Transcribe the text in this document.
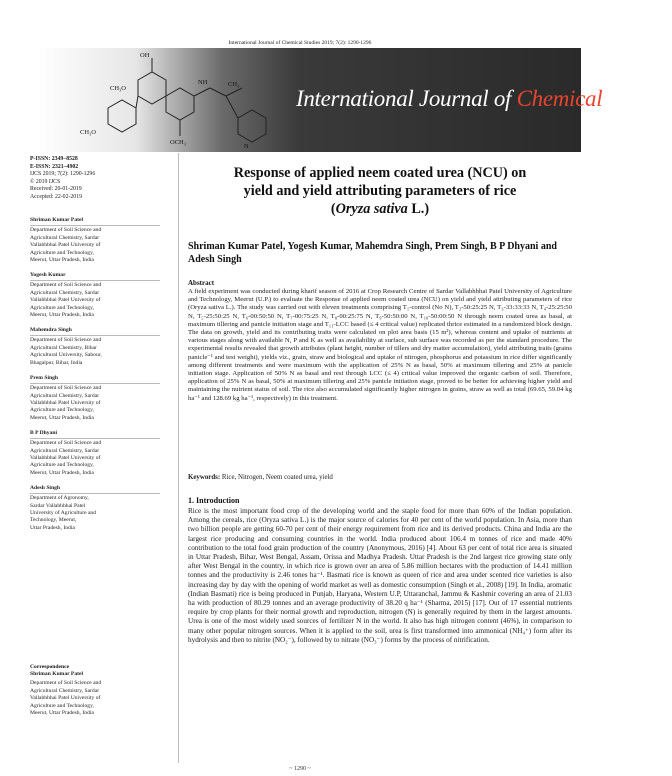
International Journal of Chemical Studies 2019; 7(2): 1290-1296
OH
CH₃O
NH	CH₃
OCH₃
CH₃O
N
International Journal of Chemical Studies
P-ISSN: 2349–8528
E-ISSN: 2321–4902
IJCS 2019; 7(2): 1290-1296
© 2019 IJCS
Received: 20-01-2019
Accepted: 22-02-2019
Response of applied neem coated urea (NCU) on
yield and yield attributing parameters of rice
(Oryza sativa L.)
Shriman Kumar Patel, Yogesh Kumar, Mahemdra Singh, Prem Singh, B P Dhyani and Adesh Singh
Shriman Kumar Patel
Department of Soil Science and
Agricultural Chemistry, Sardar
Vallabhbhai Patel University of
Agriculture and Technology,
Meerut, Uttar Pradesh, India
Yogesh Kumar
Department of Soil Science and
Agricultural Chemistry, Sardar
Vallabhbhai Patel University of
Agriculture and Technology,
Meerut, Uttar Pradesh, India
Mahemdra Singh
Department of Soil Science and
Agricultural Chemistry, Bihar
Agricultural University, Sabour,
Bhagalpur, Bihar, India
Prem Singh
Department of Soil Science and
Agricultural Chemistry, Sardar
Vallabhbhai Patel University of
Agriculture and Technology,
Meerut, Uttar Pradesh, India
B P Dhyani
Department of Soil Science and
Agricultural Chemistry, Sardar
Vallabhbhai Patel University of
Agriculture and Technology,
Meerut, Uttar Pradesh, India
Adesh Singh
Department of Agronomy,
Sardar Vallabhbhai Patel
University of Agriculture and
Technology, Meerut,
Uttar Pradesh, India
Correspondence
Shriman Kumar Patel
Department of Soil Science and
Agricultural Chemistry, Sardar
Vallabhbhai Patel University of
Agriculture and Technology,
Meerut, Uttar Pradesh, India
Abstract
A field experiment was conducted during kharif season of 2016 at Crop Research Centre of Sardar Vallabhbhai Patel University of Agriculture and Technology, Meerut (U.P.) to evaluate the Response of applied neem coated urea (NCU) on yield and yield attributing parameters of rice (Oryza sativa L.). The study was carried out with eleven treatments comprising T₁-control (No N), T₂-50:25:25 N, T₃-33:33:33 N, T₄-25:25:50 N, T₅-25:50:25 N, T₆-00:50:50 N, T₇-00:75:25 N, T₈-00:25:75 N, T₉-50:50:00 N, T₁₀-50:00:50 N through neem coated urea as basal, at maximum tillering and panicle initiation stage and T₁₁-LCC based (≤ 4 critical value) replicated thrice estimated in a randomized block design. The data on growth, yield and its contributing traits were calculated on plot area basis (15 m²), whereas content and uptake of nutrients at various stages along with available N, P and K as well as availability at surface, sub surface was recorded as per the standard procedure. The experimental results revealed that growth attributes (plant height, number of tillers and dry matter accumulation), yield attributing traits (grains panicle⁻¹ and test weight), yields viz., grain, straw and biological and uptake of nitrogen, phosphorus and potassium in rice differ significantly among different treatments and were maximum with the application of 25% N as basal, 50% at maximum tillering and 25% at panicle initiation stage. Application of 50% N as basal and rest through LCC (≤ 4) critical value improved the organic carbon of soil. Therefore, application of 25% N as basal, 50% at maximum tillering and 25% panicle initiation stage, proved to be better for achieving higher yield and maintaining the nutrient status of soil. The rice also accumulated significantly higher nitrogen in grains, straw as well as total (69.65, 59.04 kg ha⁻¹ and 128.69 kg ha⁻¹, respectively) in this treatment.
Keywords: Rice, Nitrogen, Neem coated urea, yield
1. Introduction
Rice is the most important food crop of the developing world and the staple food for more than 60% of the Indian population. Among the cereals, rice (Oryza sativa L.) is the major source of calories for 40 per cent of the world population. In Asia, more than two billion people are getting 60-70 per cent of their energy requirement from rice and its derived products. China and India are the largest rice producing and consuming countries in the world. India produced about 106.4 m tonnes of rice and made 40% contribution to the total food grain production of the country (Anonymous, 2016) [4]. About 63 per cent of total rice area is situated in Uttar Pradesh, Bihar, West Bengal, Assam, Orissa and Madhya Pradesh. Uttar Pradesh is the 2nd largest rice growing state only after West Bengal in the country, in which rice is grown over an area of 5.86 million hectares with the production of 14.41 million tonnes and the productivity is 2.46 tones ha⁻¹. Basmati rice is known as queen of rice and area under scented rice varieties is also increasing day by day with the opening of world market as well as domestic consumption (Singh et al., 2008) [19]. In India, aromatic (Indian Basmati) rice is being produced in Punjab, Haryana, Western U.P, Uttaranchal, Jammu & Kashmir covering an area of 21.03 ha with production of 80.29 tonnes and an average productivity of 38.20 q ha⁻¹ (Sharma, 2015) [17]. Out of 17 essential nutrients require by crop plants for their normal growth and reproduction, nitrogen (N) is generally required by them in the largest amounts. Urea is one of the most widely used sources of fertilizer N in the world. It also has high nitrogen content (46%), in comparison to many other popular nitrogen sources. When it is applied to the soil, urea is first transformed into ammonical (NH₄⁺) form after its hydrolysis and then to nitrite (NO₂⁻), followed by to nitrate (NO₃⁻) forms by the process of nitrification.
~ 1290 ~
